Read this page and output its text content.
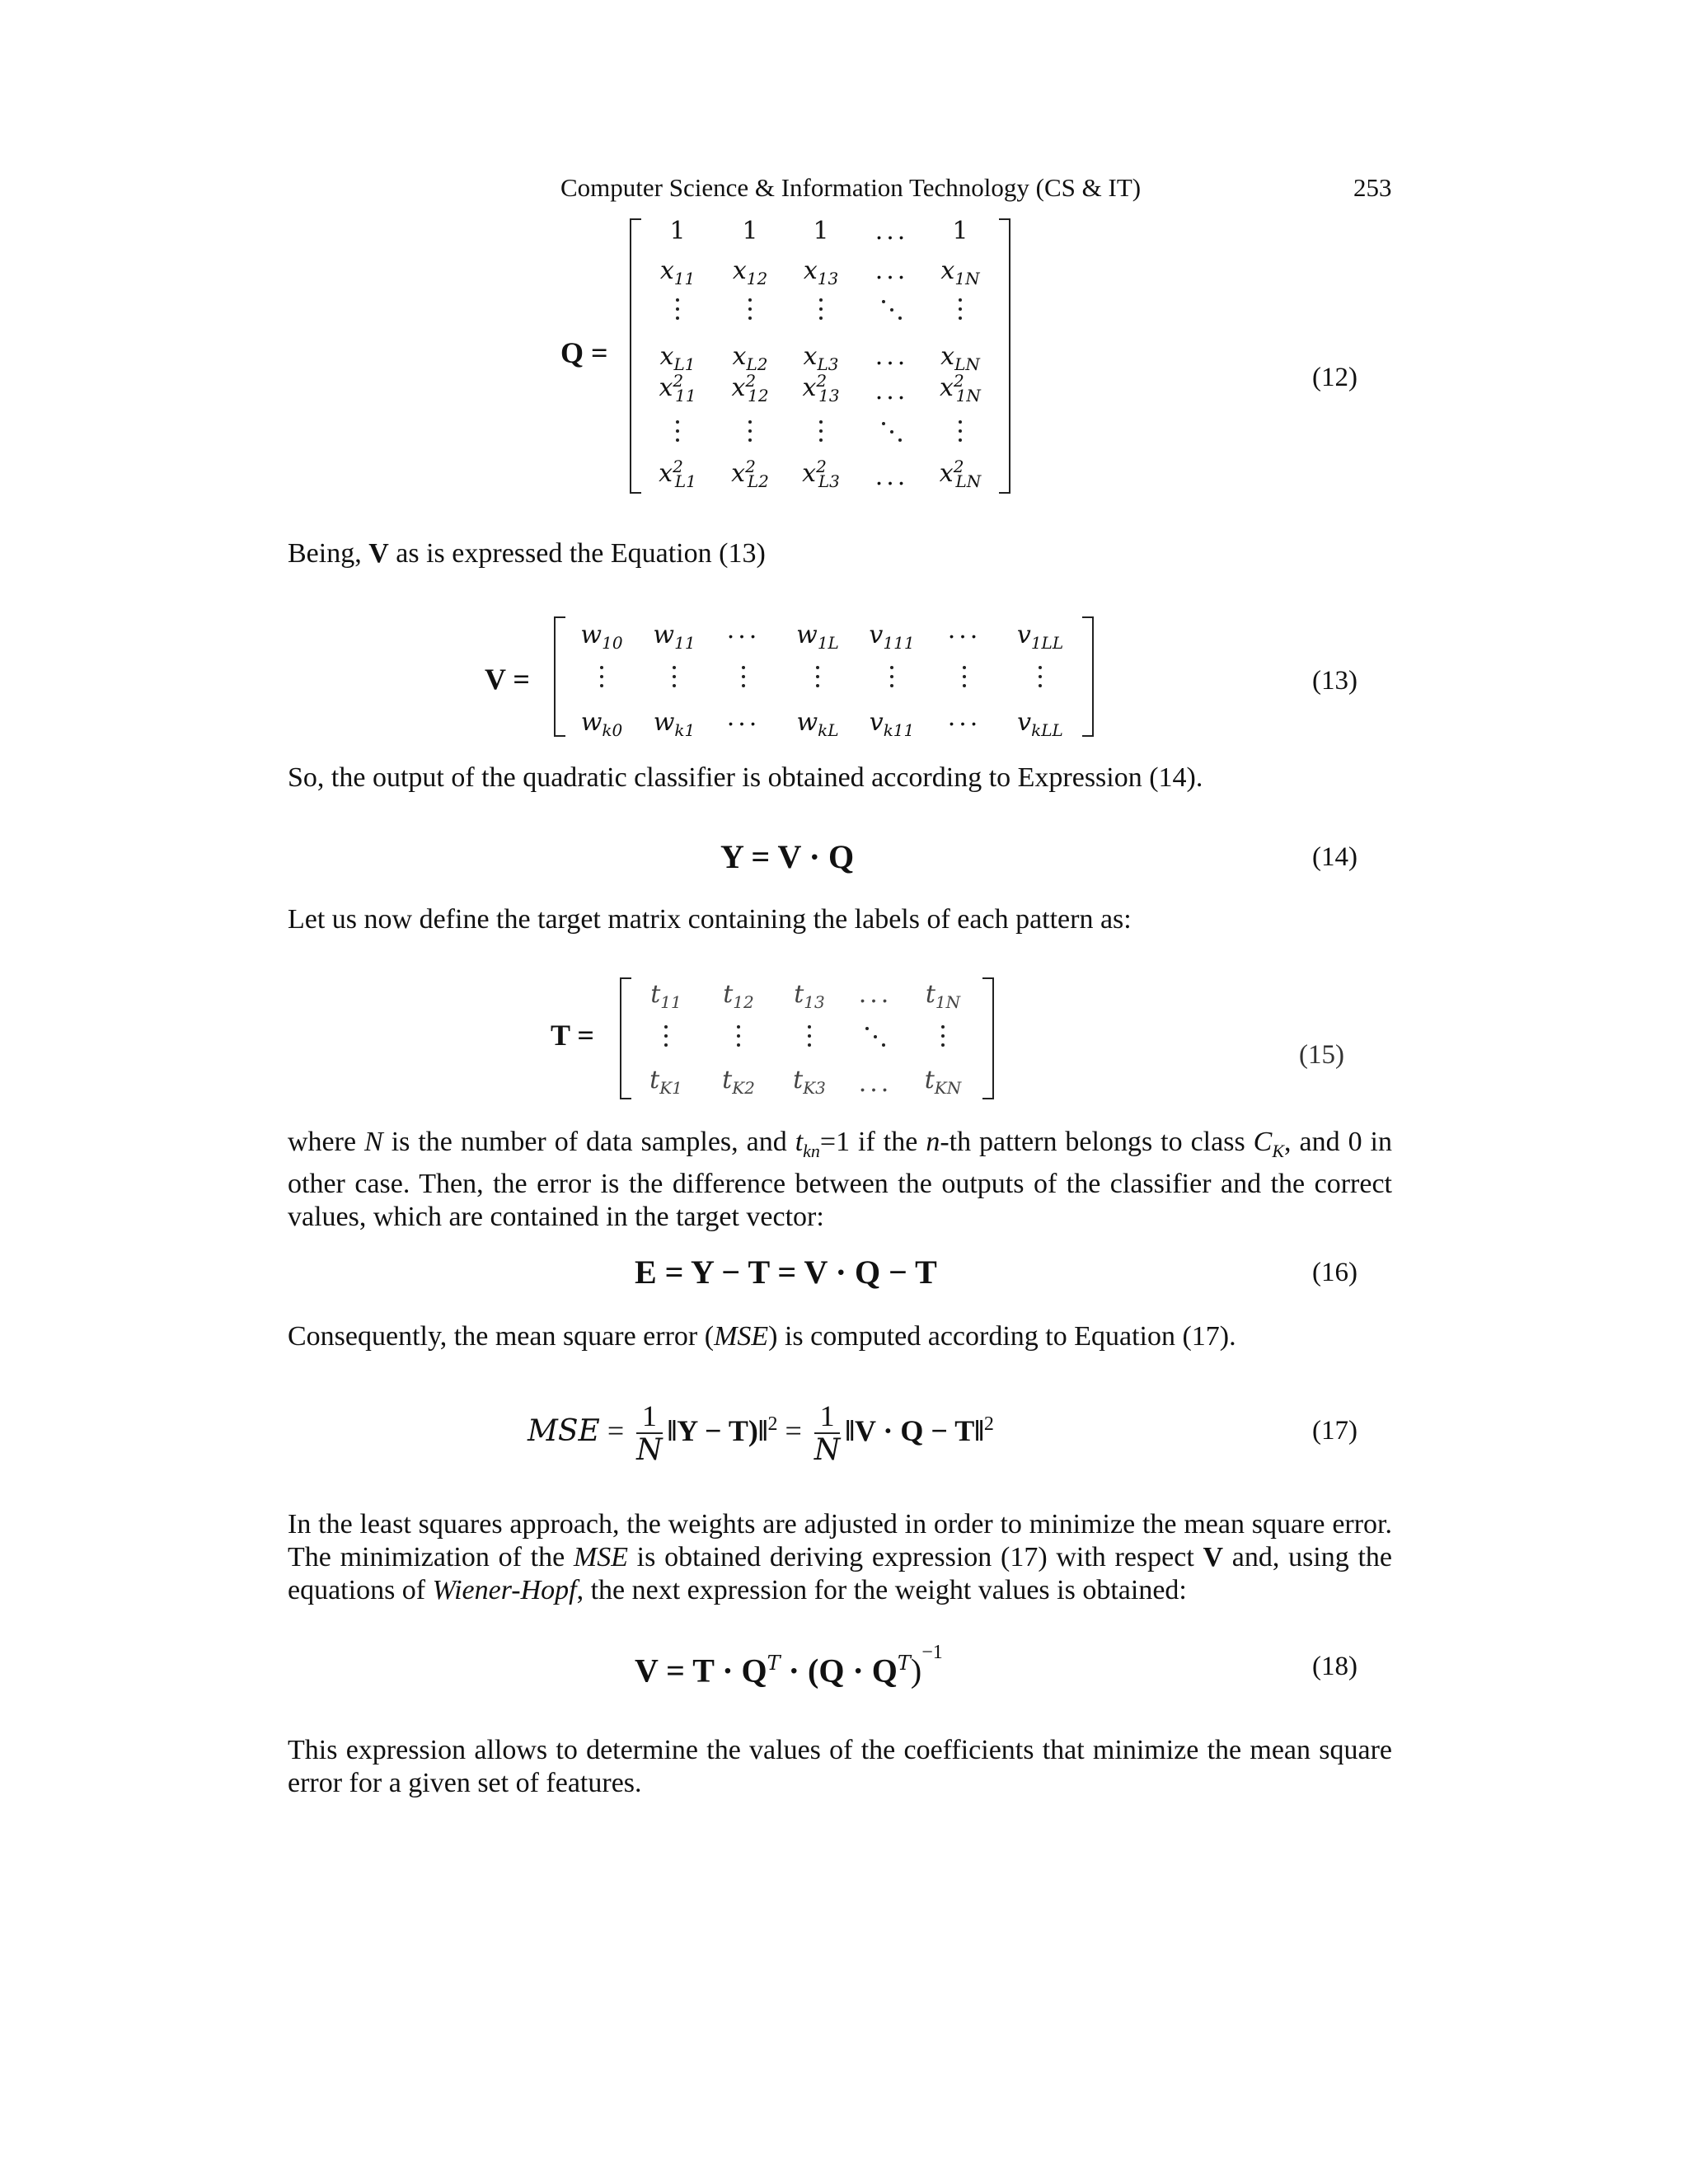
Computer Science & Information Technology (CS & IT)	253
Q =
1 1 1 ... 1
$x_{11}$ $x_{12}$ $x_{13}$ ... $x_{1N}$
$x_{L1}$ $x_{L2}$ $x_{L3}$ ... $x_{LN}$
$x^2_{11}$ $x^2_{12}$ $x^2_{13}$ ... $x^2_{1N}$
$x^2_{L1}$ $x^2_{L2}$ $x^2_{L3}$ ... $x^2_{LN}$
(12)
Being, V as is expressed the Equation (13)
V =
$w_{10}$ $w_{11}$ ... $w_{1L}$ $v_{111}$ ... $v_{1LL}$
$w_{k0}$ $w_{k1}$ ... $w_{kL}$ $v_{k11}$ ... $v_{kLL}$
(13)
So, the output of the quadratic classifier is obtained according to Expression (14).
Y = V · Q	(14)
Let us now define the target matrix containing the labels of each pattern as:
T =
$t_{11}$ $t_{12}$ $t_{13}$ ... $t_{1N}$
$t_{K1}$ $t_{K2}$ $t_{K3}$ ... $t_{KN}$
(15)
where N is the number of data samples, and $t_{kn}=1$ if the n-th pattern belongs to class $C_K$, and 0 in other case. Then, the error is the difference between the outputs of the classifier and the correct values, which are contained in the target vector:
E = Y − T = V · Q − T	(16)
Consequently, the mean square error (MSE) is computed according to Equation (17).
MSE = $\frac{1}{N}$ ‖Y − T)‖$^2$ = $\frac{1}{N}$ ‖V · Q − T‖$^2$	(17)
In the least squares approach, the weights are adjusted in order to minimize the mean square error. The minimization of the MSE is obtained deriving expression (17) with respect V and, using the equations of Wiener-Hopf, the next expression for the weight values is obtained:
$V = T \cdot Q^T \cdot (Q \cdot Q^T)^{-1}$	(18)
This expression allows to determine the values of the coefficients that minimize the mean square error for a given set of features.
